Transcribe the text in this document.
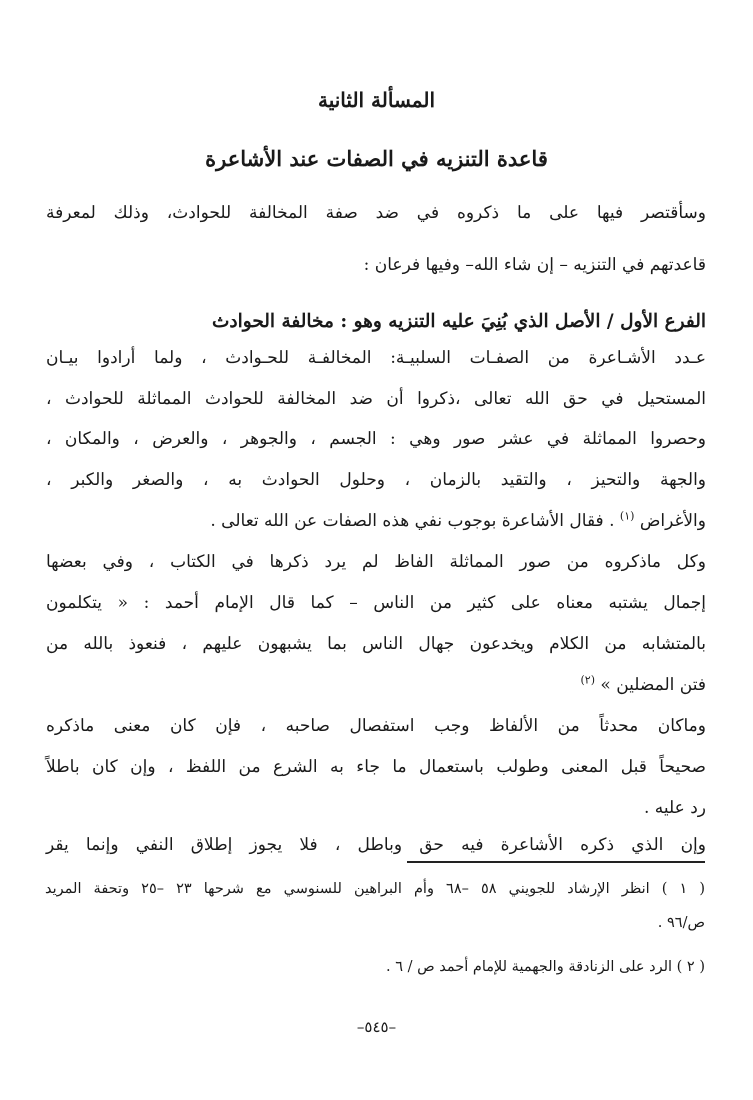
المسألة الثانية
قاعدة التنزيه في الصفات عند الأشاعرة

وسأقتصر فيها على ما ذكروه في ضد صفة المخالفة للحوادث، وذلك لمعرفة

قاعدتهم في التنزيه – إن شاء الله– وفيها فرعان :

الفرع الأول / الأصل الذي بُنِيَ عليه التنزيه وهو : مخالفة الحوادث

عـدد الأشـاعرة من الصفـات السلبيـة: المخالفـة للحـوادث ، ولما أرادوا بيـان

المستحيل في حق الله تعالى ،ذكروا أن ضد المخالفة للحوادث المماثلة للحوادث ،

وحصروا المماثلة في عشر صور وهي : الجسم ، والجوهر ، والعرض ، والمكان ،

والجهة والتحيز ، والتقيد بالزمان ، وحلول الحوادث به ، والصغر والكبر ،

والأغراض $^{(١)}$ . فقال الأشاعرة بوجوب نفي هذه الصفات عن الله تعالى .

وكل ماذكروه من صور المماثلة الفاظ لم يرد ذكرها في الكتاب ، وفي بعضها

إجمال يشتبه معناه على كثير من الناس – كما قال الإمام أحمد : « يتكلمون

بالمتشابه من الكلام ويخدعون جهال الناس بما يشبهون عليهم ، فنعوذ بالله من

فتن المضلين » $^{(٢)}$

وماكان محدثاً من الألفاظ وجب استفصال صاحبه ، فإن كان معنى ماذكره

صحيحاً قبل المعنى وطولب باستعمال ما جاء به الشرع من اللفظ ، وإن كان باطلاً

رد عليه .

وإن الذي ذكره الأشاعرة فيه حق وباطل ، فلا يجوز إطلاق النفي وإنما يقر

( ١ ) انظر الإرشاد للجويني ٥٨ –٦٨ وأم البراهين للسنوسي مع شرحها ٢٣ –٢٥ وتحفة المريد

ص/٩٦ .

( ٢ ) الرد على الزنادقة والجهمية للإمام أحمد ص / ٦ .

–٥٤٥–
